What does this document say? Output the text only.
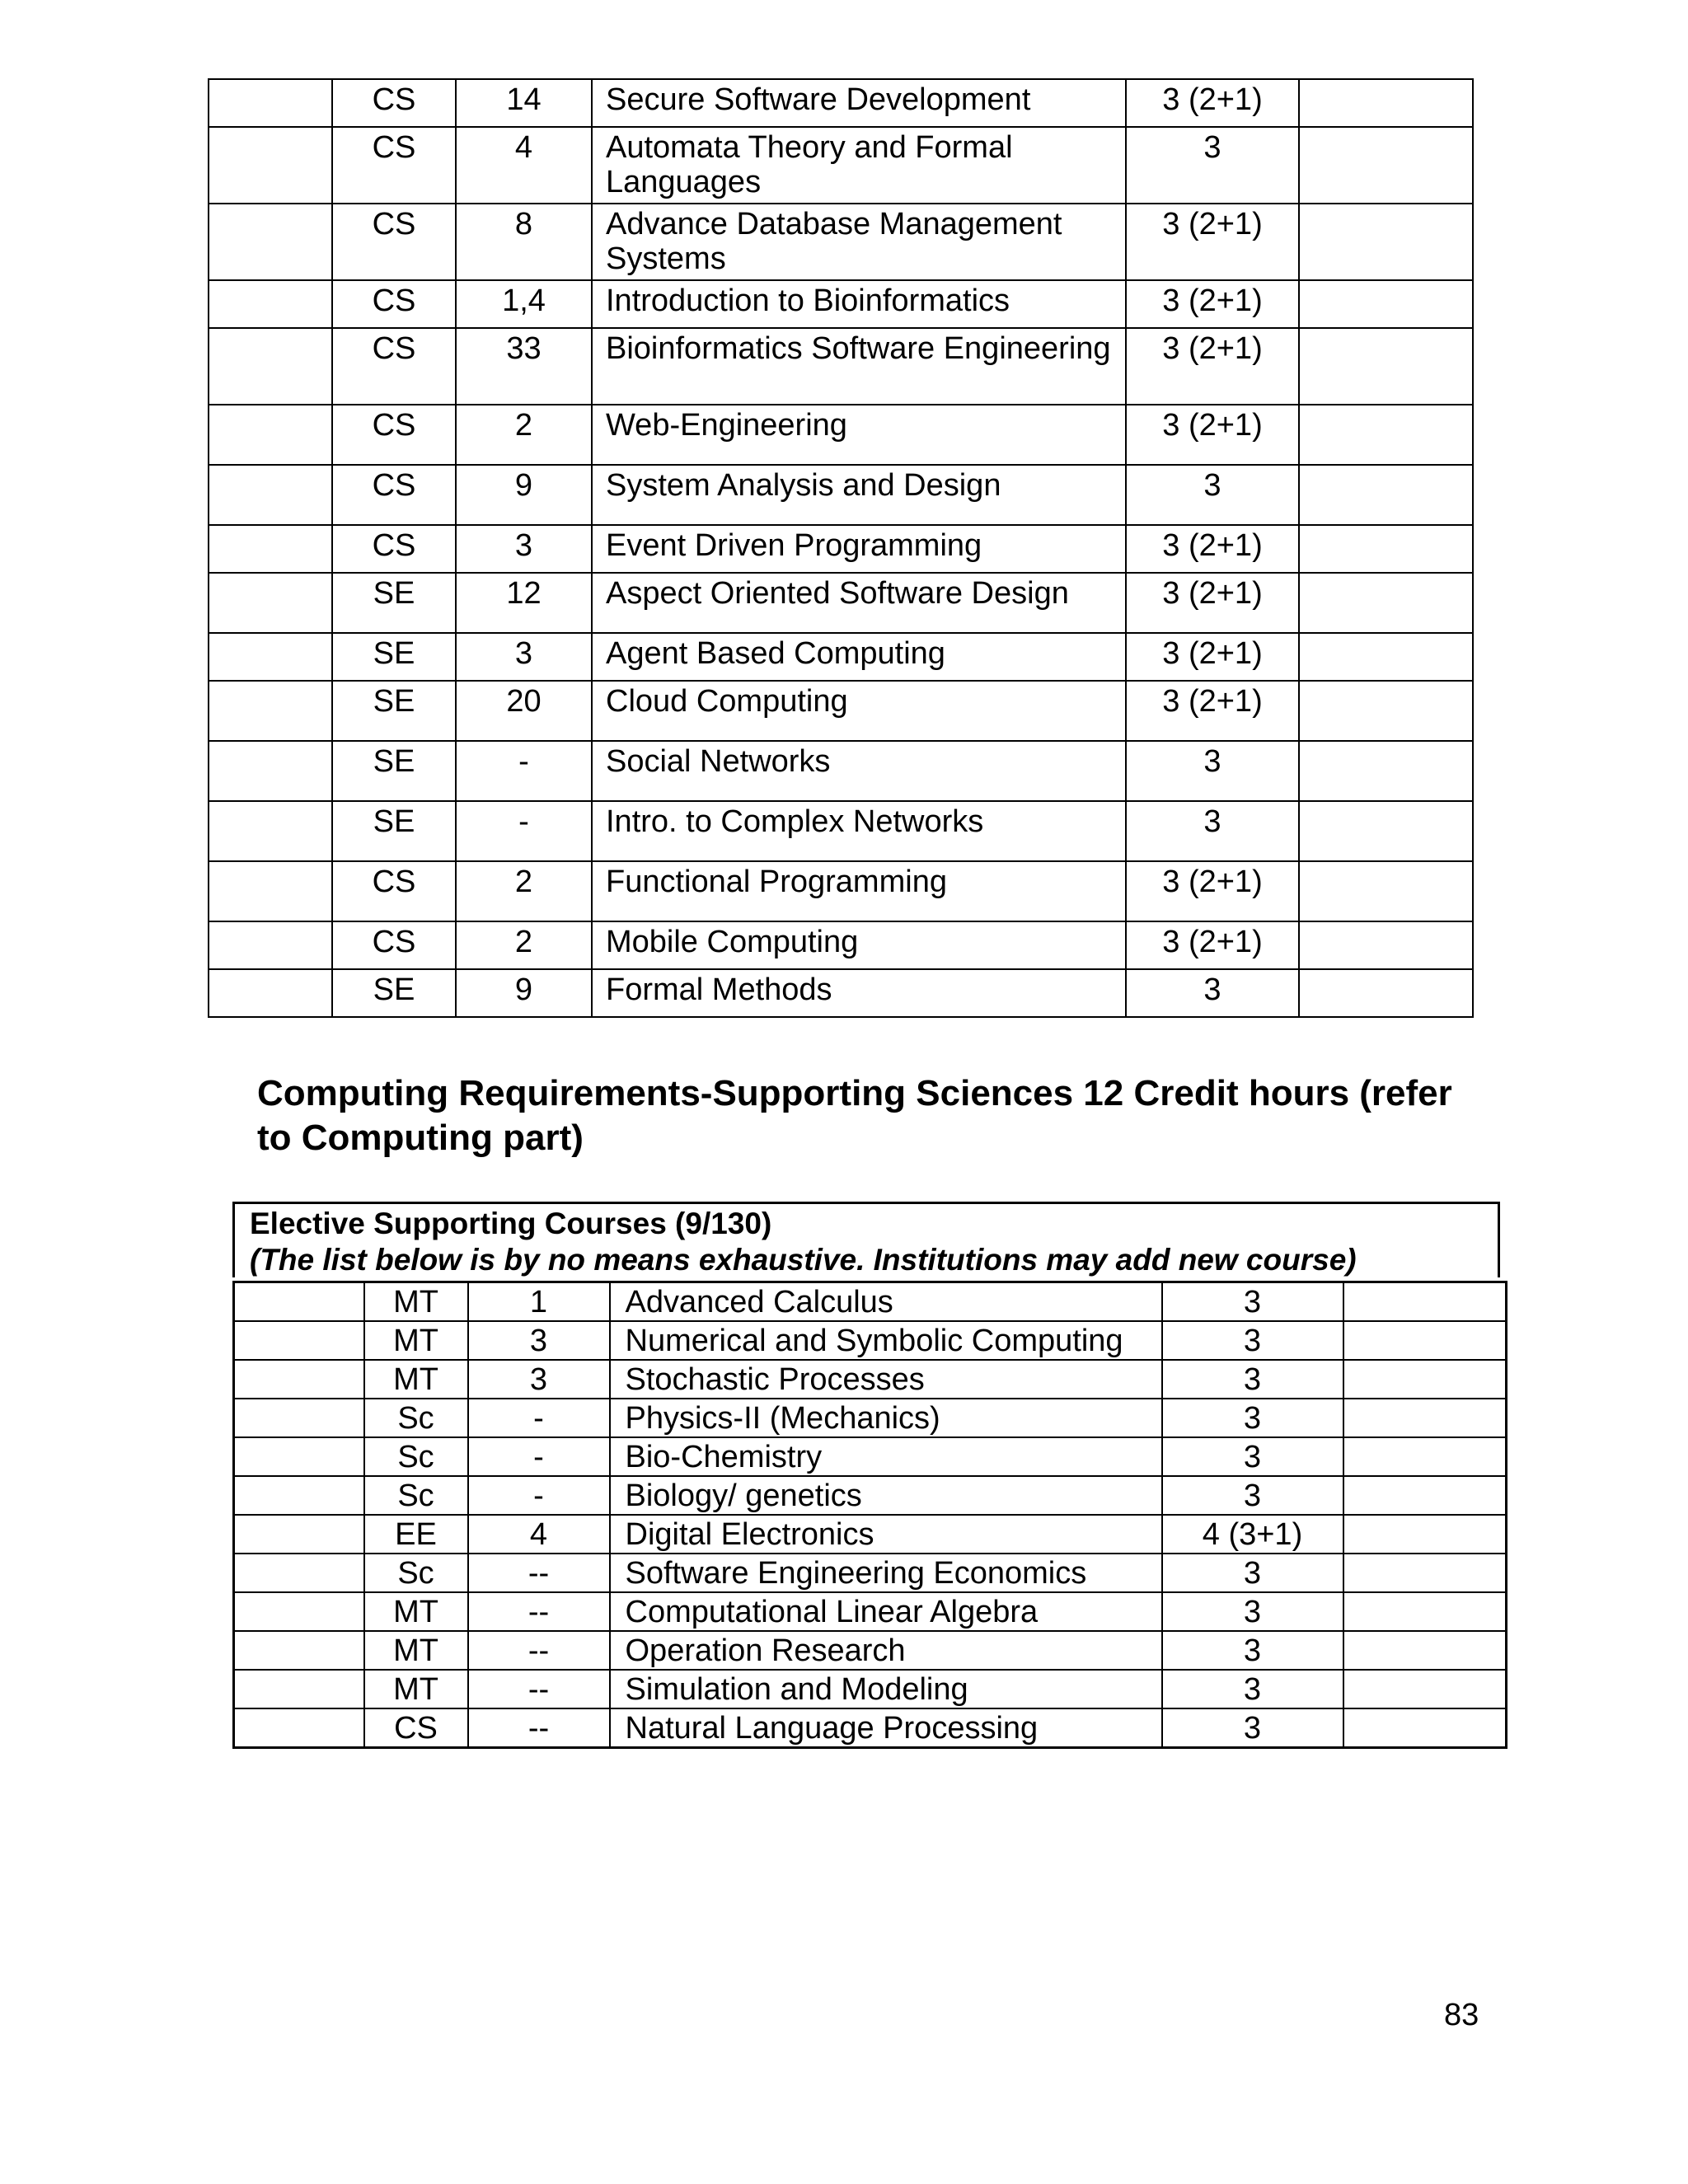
	CS	14	Secure Software Development	3 (2+1)	
	CS	4	Automata Theory and Formal Languages	3	
	CS	8	Advance Database Management Systems	3 (2+1)	
	CS	1,4	Introduction to Bioinformatics	3 (2+1)	
	CS	33	Bioinformatics Software Engineering	3 (2+1)	
	CS	2	Web-Engineering	3 (2+1)	
	CS	9	System Analysis and Design	3	
	CS	3	Event Driven Programming	3 (2+1)	
	SE	12	Aspect Oriented Software Design	3 (2+1)	
	SE	3	Agent Based Computing	3 (2+1)	
	SE	20	Cloud Computing	3 (2+1)	
	SE	-	Social Networks	3	
	SE	-	Intro. to Complex Networks	3	
	CS	2	Functional Programming	3 (2+1)	
	CS	2	Mobile Computing	3 (2+1)	
	SE	9	Formal Methods	3	
Computing Requirements-Supporting Sciences 12 Credit hours (refer to Computing part)
Elective Supporting Courses (9/130)
(The list below is by no means exhaustive. Institutions may add new course)
	MT	1	Advanced Calculus	3	
	MT	3	Numerical and Symbolic Computing	3	
	MT	3	Stochastic Processes	3	
	Sc	-	Physics-II (Mechanics)	3	
	Sc	-	Bio-Chemistry	3	
	Sc	-	Biology/ genetics	3	
	EE	4	Digital Electronics	4 (3+1)	
	Sc	--	Software Engineering Economics	3	
	MT	--	Computational Linear Algebra	3	
	MT	--	Operation Research	3	
	MT	--	Simulation and Modeling	3	
	CS	--	Natural Language Processing	3	
83
